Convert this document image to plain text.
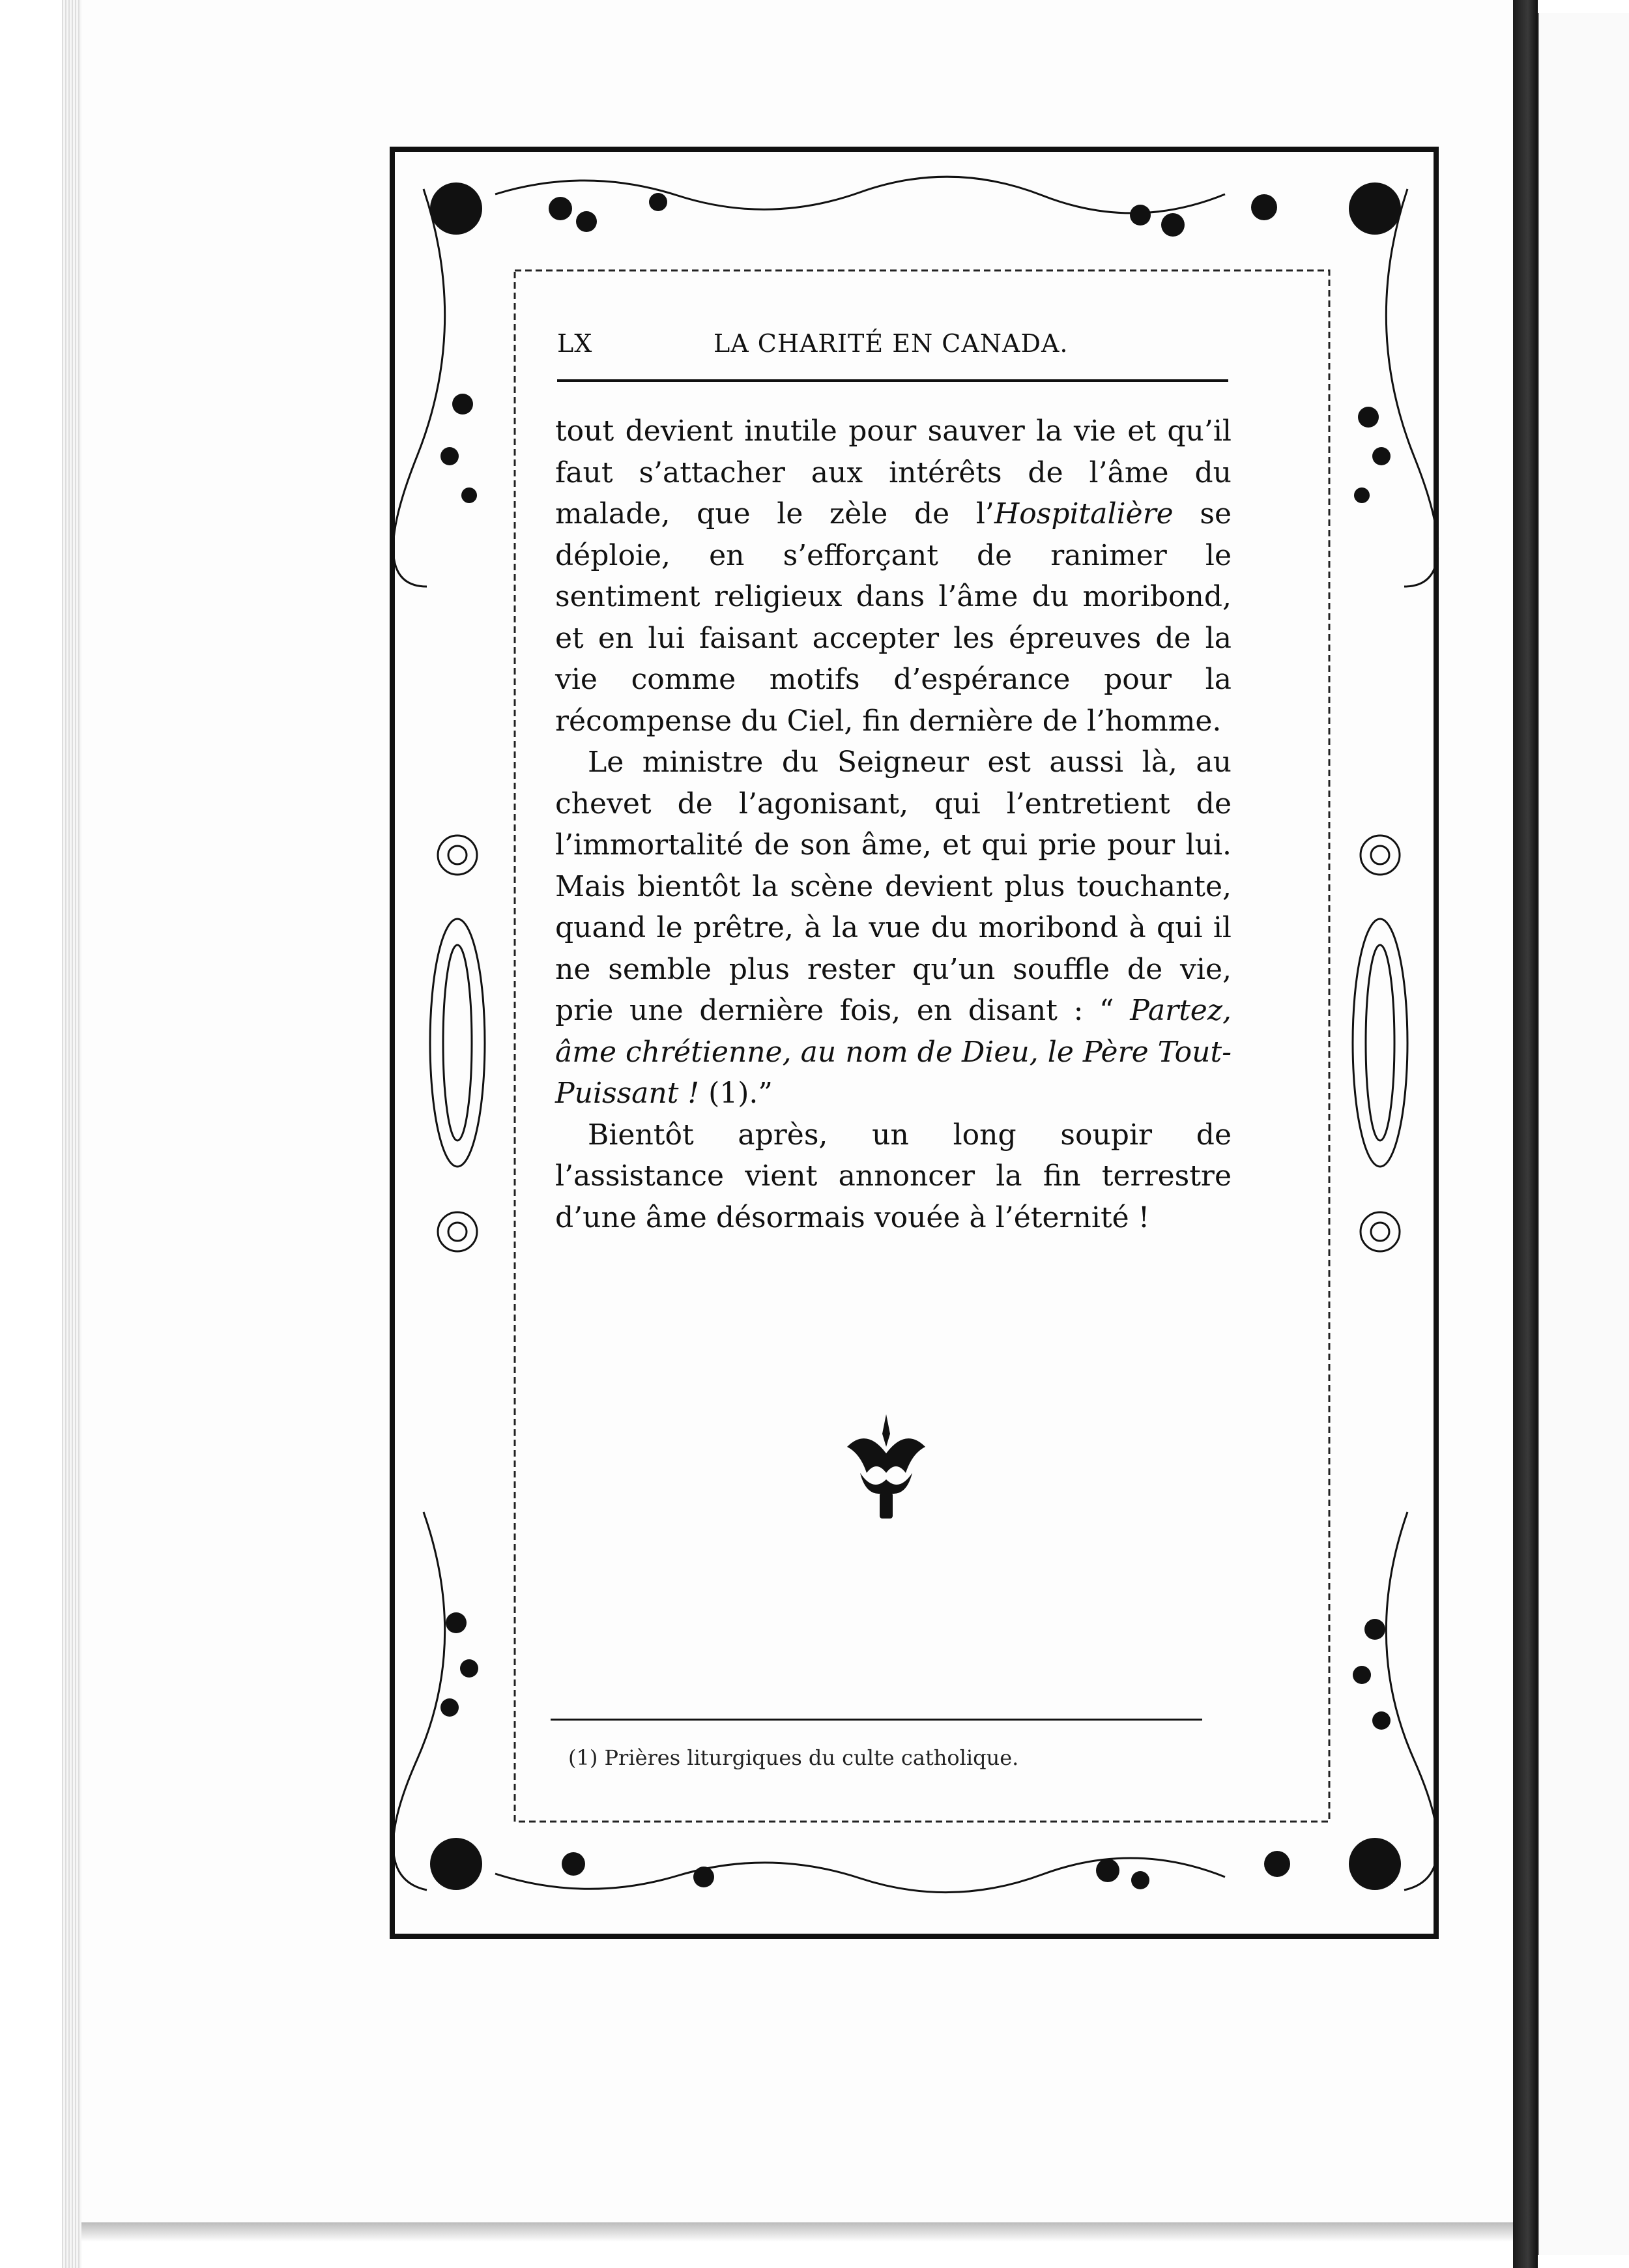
LX	LA CHARITÉ EN CANADA.

tout devient inutile pour sauver la vie et qu’il faut s’attacher aux intérêts de l’âme du malade, que le zèle de l’Hospitalière se déploie, en s’efforçant de ranimer le sentiment religieux dans l’âme du moribond, et en lui faisant accepter les épreuves de la vie comme motifs d’espérance pour la récompense du Ciel, fin dernière de l’homme.

Le ministre du Seigneur est aussi là, au chevet de l’agonisant, qui l’entretient de l’immortalité de son âme, et qui prie pour lui. Mais bientôt la scène devient plus touchante, quand le prêtre, à la vue du moribond à qui il ne semble plus rester qu’un souffle de vie, prie une dernière fois, en disant : “ Partez, âme chrétienne, au nom de Dieu, le Père Tout-Puissant ! (1).”

Bientôt après, un long soupir de l’assistance vient annoncer la fin terrestre d’une âme désormais vouée à l’éternité !

(1) Prières liturgiques du culte catholique.
